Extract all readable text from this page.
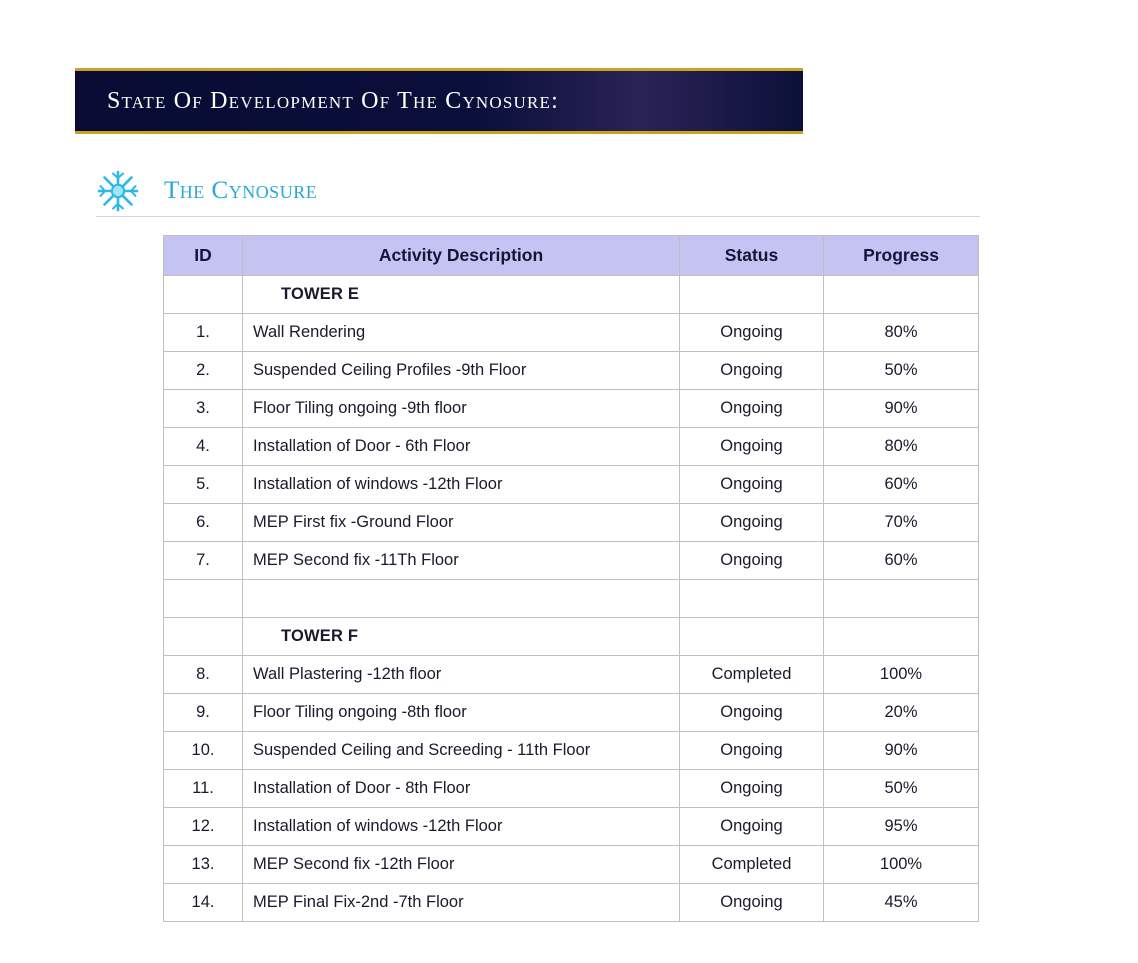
State Of Development Of The Cynosure:
The Cynosure
ID	Activity Description	Status	Progress
	TOWER E		
1.	Wall Rendering	Ongoing	80%
2.	Suspended Ceiling Profiles -9th Floor	Ongoing	50%
3.	Floor Tiling ongoing -9th floor	Ongoing	90%
4.	Installation of Door - 6th Floor	Ongoing	80%
5.	Installation of windows -12th Floor	Ongoing	60%
6.	MEP First fix -Ground Floor	Ongoing	70%
7.	MEP Second fix -11Th Floor	Ongoing	60%

	TOWER F		
8.	Wall Plastering -12th floor	Completed	100%
9.	Floor Tiling ongoing -8th floor	Ongoing	20%
10.	Suspended Ceiling and Screeding - 11th Floor	Ongoing	90%
11.	Installation of Door - 8th Floor	Ongoing	50%
12.	Installation of windows -12th Floor	Ongoing	95%
13.	MEP Second fix -12th Floor	Completed	100%
14.	MEP Final Fix-2nd -7th Floor	Ongoing	45%
